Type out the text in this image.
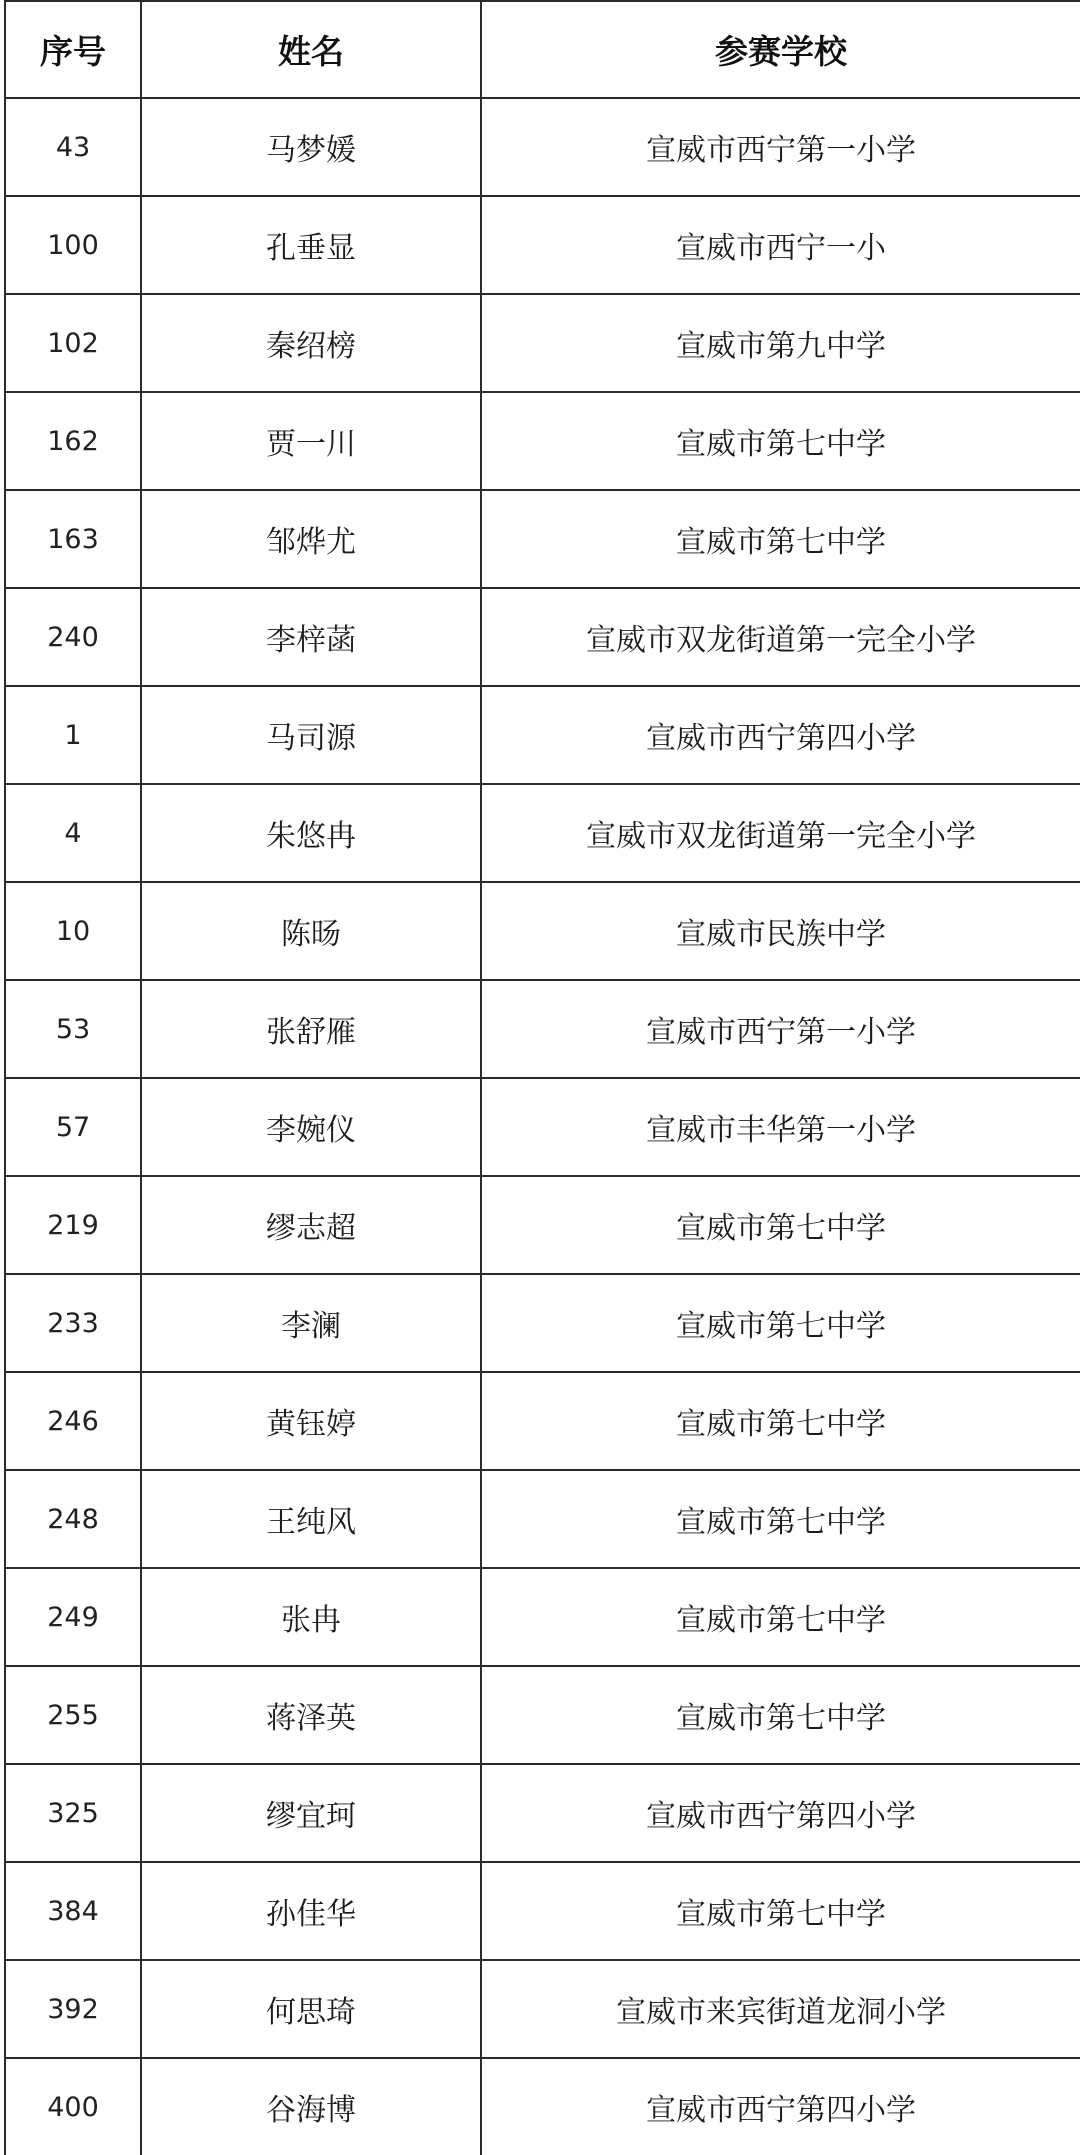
序号	姓名	参赛学校	
43	马梦媛	宣威市西宁第一小学	
100	孔垂显	宣威市西宁一小	
102	秦绍榜	宣威市第九中学	
162	贾一川	宣威市第七中学	
163	邹烨尤	宣威市第七中学	
240	李梓菡	宣威市双龙街道第一完全小学	
1	马司源	宣威市西宁第四小学	
4	朱悠冉	宣威市双龙街道第一完全小学	
10	陈旸	宣威市民族中学	
53	张舒雁	宣威市西宁第一小学	
57	李婉仪	宣威市丰华第一小学	
219	缪志超	宣威市第七中学	
233	李澜	宣威市第七中学	
246	黄钰婷	宣威市第七中学	
248	王纯风	宣威市第七中学	
249	张冉	宣威市第七中学	
255	蒋泽英	宣威市第七中学	
325	缪宜珂	宣威市西宁第四小学	
384	孙佳华	宣威市第七中学	
392	何思琦	宣威市来宾街道龙洞小学	
400	谷海博	宣威市西宁第四小学	
